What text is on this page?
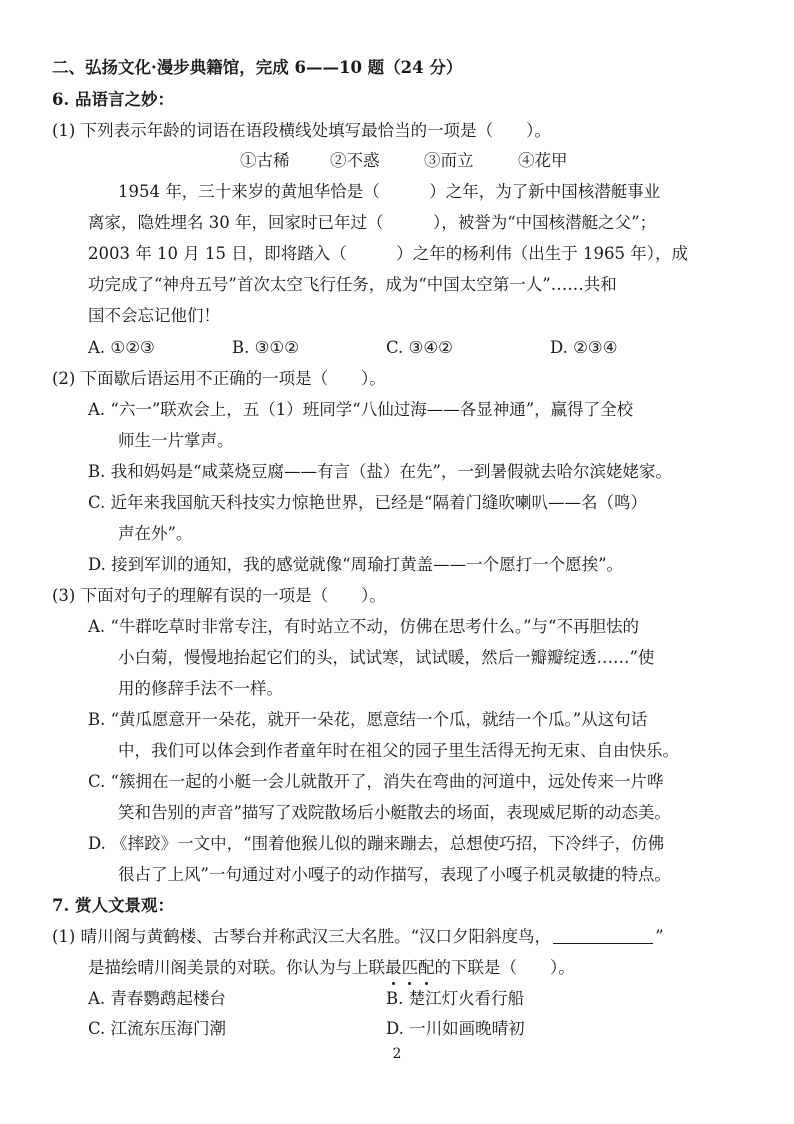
二、弘扬文化·漫步典籍馆，完成 6——10 题（24 分）
6. 品语言之妙：
(1) 下列表示年龄的词语在语段横线处填写最恰当的一项是（　　）。
①古稀 ②不惑	③而立	④花甲
1954 年，三十来岁的黄旭华恰是（　　　）之年，为了新中国核潜艇事业
离家，隐姓埋名 30 年，回家时已年过（　　　），被誉为“中国核潜艇之父”；
2003 年 10 月 15 日，即将踏入（　　　）之年的杨利伟（出生于 1965 年），成
功完成了“神舟五号”首次太空飞行任务，成为“中国太空第一人”……共和
国不会忘记他们！
A. ①②③	B. ③①②	C. ③④②	D. ②③④
(2) 下面歇后语运用不正确的一项是（　　）。
A. “六一”联欢会上，五（1）班同学“八仙过海——各显神通”，赢得了全校
师生一片掌声。
B. 我和妈妈是“咸菜烧豆腐——有言（盐）在先”，一到暑假就去哈尔滨姥姥家。
C. 近年来我国航天科技实力惊艳世界，已经是“隔着门缝吹喇叭——名（鸣）
声在外”。
D. 接到军训的通知，我的感觉就像“周瑜打黄盖——一个愿打一个愿挨”。
(3) 下面对句子的理解有误的一项是（　　）。
A. “牛群吃草时非常专注，有时站立不动，仿佛在思考什么。”与“不再胆怯的
小白菊，慢慢地抬起它们的头，试试寒，试试暖，然后一瓣瓣绽透……”使
用的修辞手法不一样。
B. “黄瓜愿意开一朵花，就开一朵花，愿意结一个瓜，就结一个瓜。”从这句话
中，我们可以体会到作者童年时在祖父的园子里生活得无拘无束、自由快乐。
C. “簇拥在一起的小艇一会儿就散开了，消失在弯曲的河道中，远处传来一片哗
笑和告别的声音”描写了戏院散场后小艇散去的场面，表现威尼斯的动态美。
D. 《摔跤》一文中，“围着他猴儿似的蹦来蹦去，总想使巧招，下冷绊子，仿佛
很占了上风”一句通过对小嘎子的动作描写，表现了小嘎子机灵敏捷的特点。
7. 赏人文景观：
(1) 晴川阁与黄鹤楼、古琴台并称武汉三大名胜。“汉口夕阳斜度鸟，	”
是描绘晴川阁美景的对联。你认为与上联最匹配的下联是（　　）。
A. 青春鹦鹉起楼台	B. 楚江灯火看行船
C. 江流东压海门潮	D. 一川如画晚晴初
2
